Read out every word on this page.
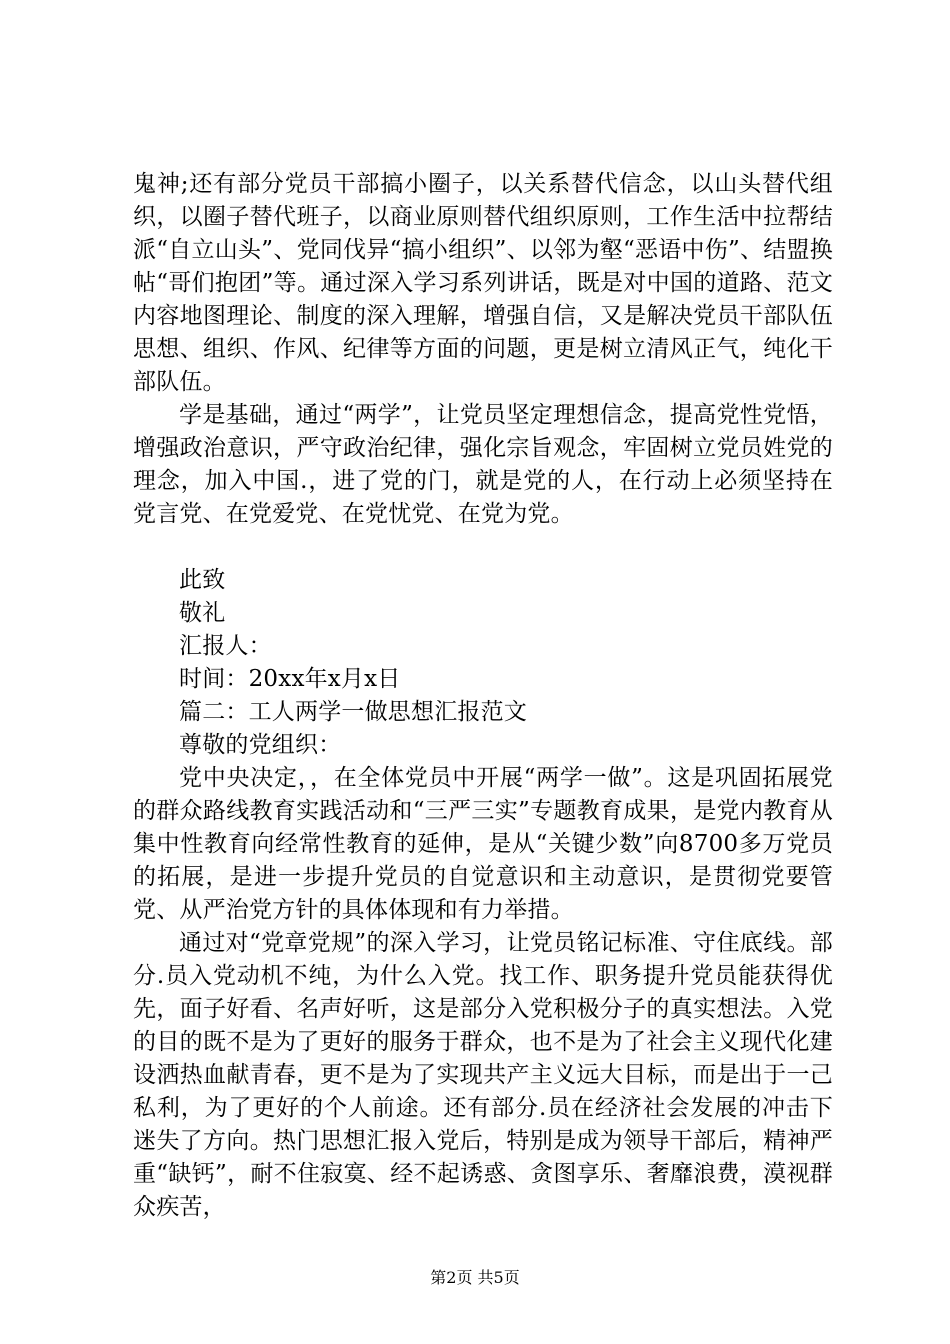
鬼神;还有部分党员干部搞小圈子，以关系替代信念，以山头替代组织，以圈子替代班子，以商业原则替代组织原则，工作生活中拉帮结派“自立山头”、党同伐异“搞小组织”、以邻为壑“恶语中伤”、结盟换帖“哥们抱团”等。通过深入学习系列讲话，既是对中国的道路、范文内容地图理论、制度的深入理解，增强自信，又是解决党员干部队伍思想、组织、作风、纪律等方面的问题，更是树立清风正气，纯化干部队伍。

学是基础，通过“两学”，让党员坚定理想信念，提高党性党悟，增强政治意识，严守政治纪律，强化宗旨观念，牢固树立党员姓党的理念，加入中国.，进了党的门，就是党的人，在行动上必须坚持在党言党、在党爱党、在党忧党、在党为党。

此致

敬礼

汇报人：

时间：20xx年x月x日

篇二：工人两学一做思想汇报范文

尊敬的党组织：

党中央决定，，在全体党员中开展“两学一做”。这是巩固拓展党的群众路线教育实践活动和“三严三实”专题教育成果，是党内教育从集中性教育向经常性教育的延伸，是从“关键少数”向8700多万党员的拓展，是进一步提升党员的自觉意识和主动意识，是贯彻党要管党、从严治党方针的具体体现和有力举措。

通过对“党章党规”的深入学习，让党员铭记标准、守住底线。部分.员入党动机不纯，为什么入党。找工作、职务提升党员能获得优先，面子好看、名声好听，这是部分入党积极分子的真实想法。入党的目的既不是为了更好的服务于群众，也不是为了社会主义现代化建设洒热血献青春，更不是为了实现共产主义远大目标，而是出于一己私利，为了更好的个人前途。还有部分.员在经济社会发展的冲击下迷失了方向。热门思想汇报入党后，特别是成为领导干部后，精神严重“缺钙”，耐不住寂寞、经不起诱惑、贪图享乐、奢靡浪费，漠视群众疾苦，

第2页 共5页
